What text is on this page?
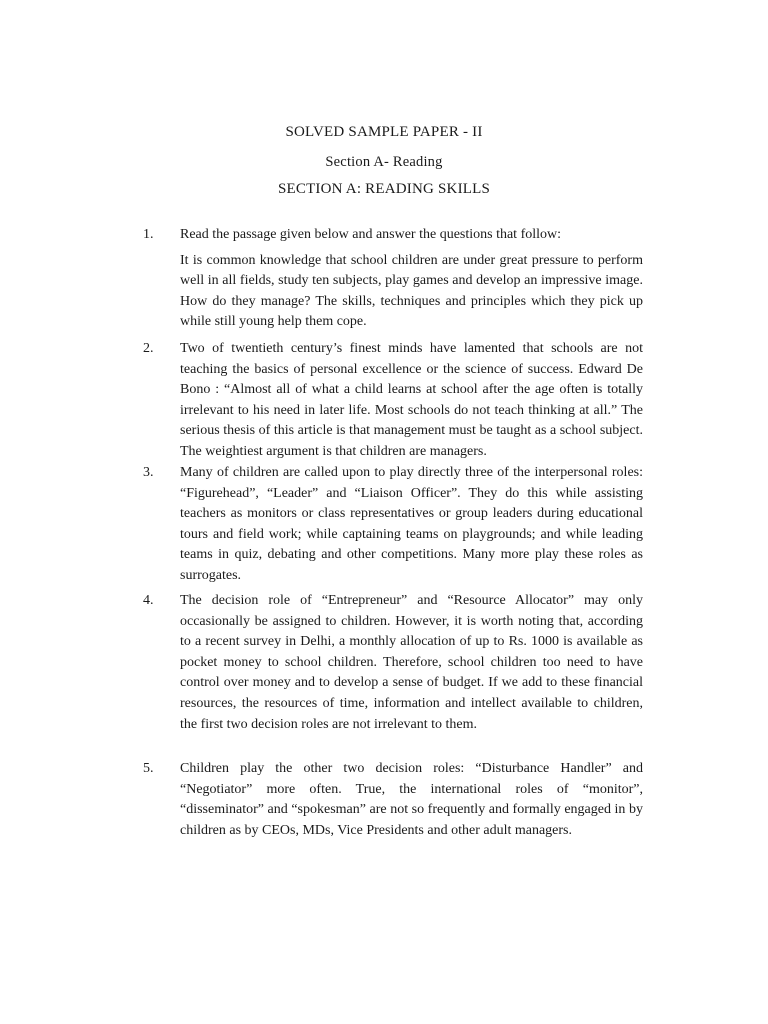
SOLVED SAMPLE PAPER - II
Section A- Reading
SECTION A: READING SKILLS
1. Read the passage given below and answer the questions that follow:

It is common knowledge that school children are under great pressure to perform well in all fields, study ten subjects, play games and develop an impressive image. How do they manage? The skills, techniques and principles which they pick up while still young help them cope.

2. Two of twentieth century’s finest minds have lamented that schools are not teaching the basics of personal excellence or the science of success. Edward De Bono : “Almost all of what a child learns at school after the age often is totally irrelevant to his need in later life. Most schools do not teach thinking at all.” The serious thesis of this article is that management must be taught as a school subject. The weightiest argument is that children are managers.

3. Many of children are called upon to play directly three of the interpersonal roles: “Figurehead”, “Leader” and “Liaison Officer”. They do this while assisting teachers as monitors or class representatives or group leaders during educational tours and field work; while captaining teams on playgrounds; and while leading teams in quiz, debating and other competitions. Many more play these roles as surrogates.

4. The decision role of “Entrepreneur” and “Resource Allocator” may only occasionally be assigned to children. However, it is worth noting that, according to a recent survey in Delhi, a monthly allocation of up to Rs. 1000 is available as pocket money to school children. Therefore, school children too need to have control over money and to develop a sense of budget. If we add to these financial resources, the resources of time, information and intellect available to children, the first two decision roles are not irrelevant to them.

5. Children play the other two decision roles: “Disturbance Handler” and “Negotiator” more often. True, the international roles of “monitor”, “disseminator” and “spokesman” are not so frequently and formally engaged in by children as by CEOs, MDs, Vice Presidents and other adult managers.
